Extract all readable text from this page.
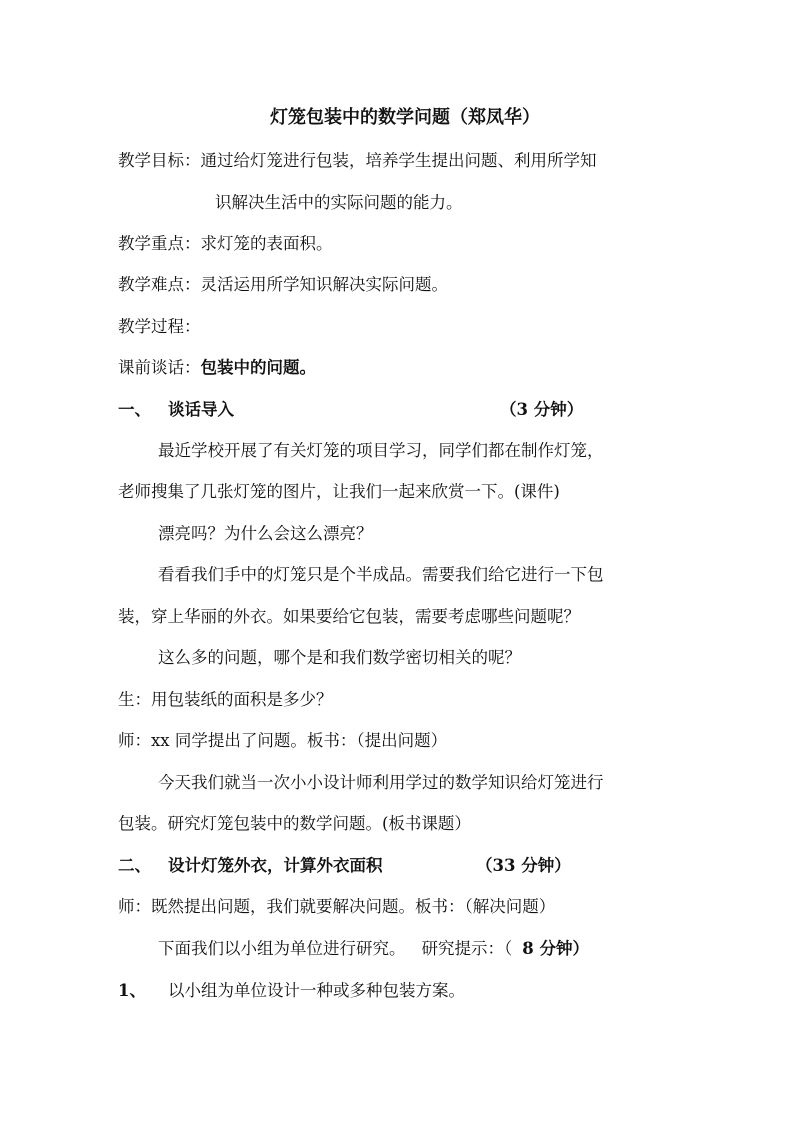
灯笼包装中的数学问题（郑凤华）
教学目标：通过给灯笼进行包装，培养学生提出问题、利用所学知
识解决生活中的实际问题的能力。
教学重点：求灯笼的表面积。
教学难点：灵活运用所学知识解决实际问题。
教学过程：
课前谈话：包装中的问题。
一、 谈话导入	（3 分钟）
最近学校开展了有关灯笼的项目学习，同学们都在制作灯笼，
老师搜集了几张灯笼的图片，让我们一起来欣赏一下。(课件)
漂亮吗？为什么会这么漂亮？
看看我们手中的灯笼只是个半成品。需要我们给它进行一下包
装，穿上华丽的外衣。如果要给它包装，需要考虑哪些问题呢？
这么多的问题，哪个是和我们数学密切相关的呢？
生：用包装纸的面积是多少？
师：xx 同学提出了问题。板书：（提出问题）
今天我们就当一次小小设计师利用学过的数学知识给灯笼进行
包装。研究灯笼包装中的数学问题。(板书课题）
二、 设计灯笼外衣，计算外衣面积	（33 分钟）
师：既然提出问题，我们就要解决问题。板书：（解决问题）
下面我们以小组为单位进行研究。 研究提示：（ 8 分钟）
1、 以小组为单位设计一种或多种包装方案。
